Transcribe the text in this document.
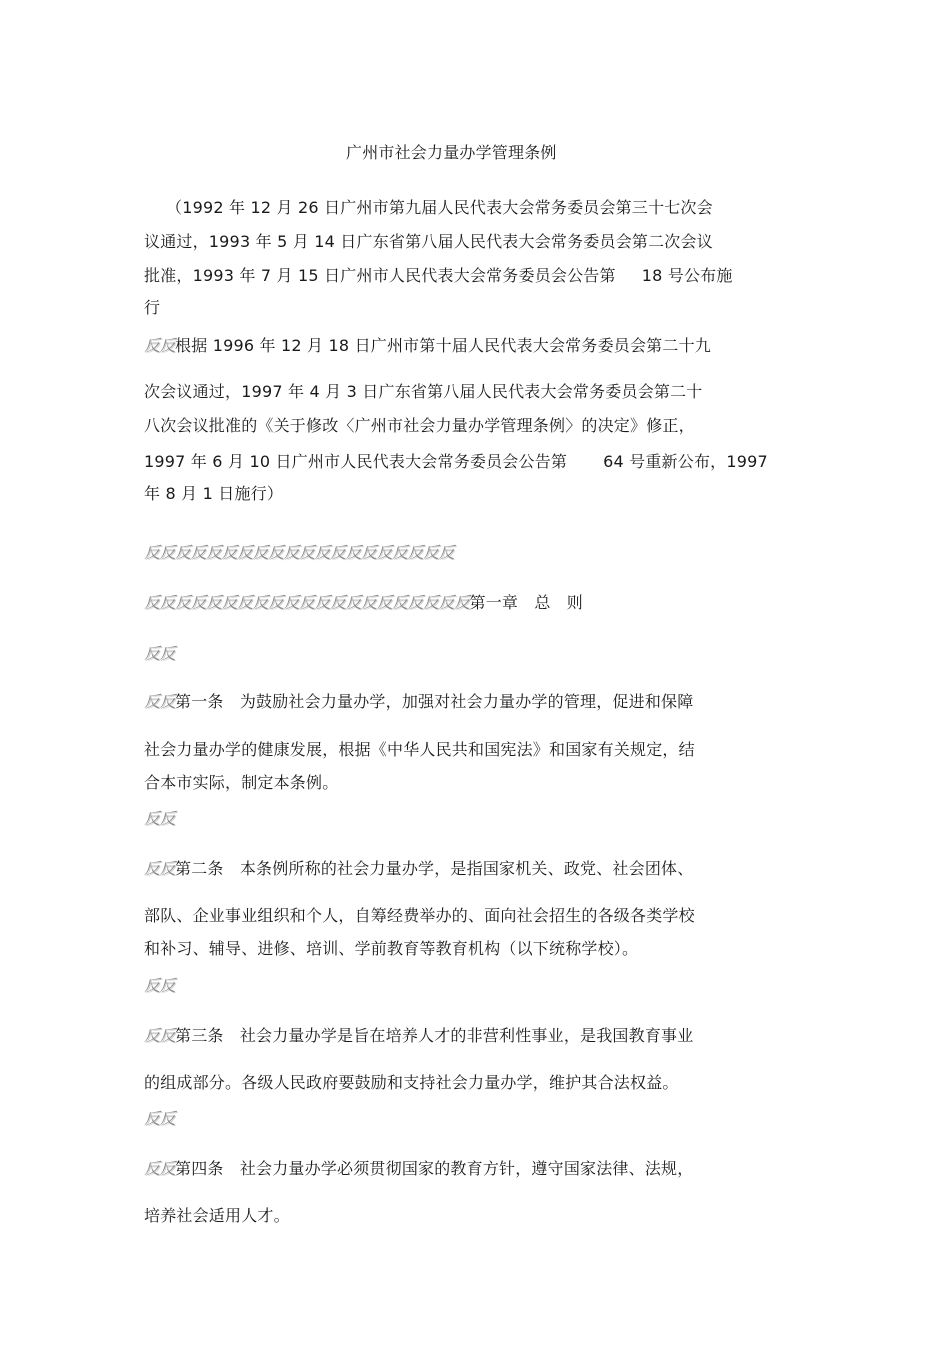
广州市社会力量办学管理条例
（1992 年 12 月 26 日广州市第九届人民代表大会常务委员会第三十七次会
议通过，1993 年 5 月 14 日广东省第八届人民代表大会常务委员会第二次会议
批准，1993 年 7 月 15 日广州市人民代表大会常务委员会公告第 18 号公布施
行
反反根据 1996 年 12 月 18 日广州市第十届人民代表大会常务委员会第二十九
次会议通过，1997 年 4 月 3 日广东省第八届人民代表大会常务委员会第二十
八次会议批准的《关于修改〈广州市社会力量办学管理条例〉的决定》修正，
1997 年 6 月 10 日广州市人民代表大会常务委员会公告第 64 号重新公布，1997
年 8 月 1 日施行）
反反反反反反反反反反反反反反反反反反反反
反反反反反反反反反反反反反反反反反反反反反第一章　总　则
反反
反反第一条　为鼓励社会力量办学，加强对社会力量办学的管理，促进和保障
社会力量办学的健康发展，根据《中华人民共和国宪法》和国家有关规定，结
合本市实际，制定本条例。
反反
反反第二条　本条例所称的社会力量办学，是指国家机关、政党、社会团体、
部队、企业事业组织和个人，自筹经费举办的、面向社会招生的各级各类学校
和补习、辅导、进修、培训、学前教育等教育机构（以下统称学校）。
反反
反反第三条　社会力量办学是旨在培养人才的非营利性事业，是我国教育事业
的组成部分。各级人民政府要鼓励和支持社会力量办学，维护其合法权益。
反反
反反第四条　社会力量办学必须贯彻国家的教育方针，遵守国家法律、法规，
培养社会适用人才。
